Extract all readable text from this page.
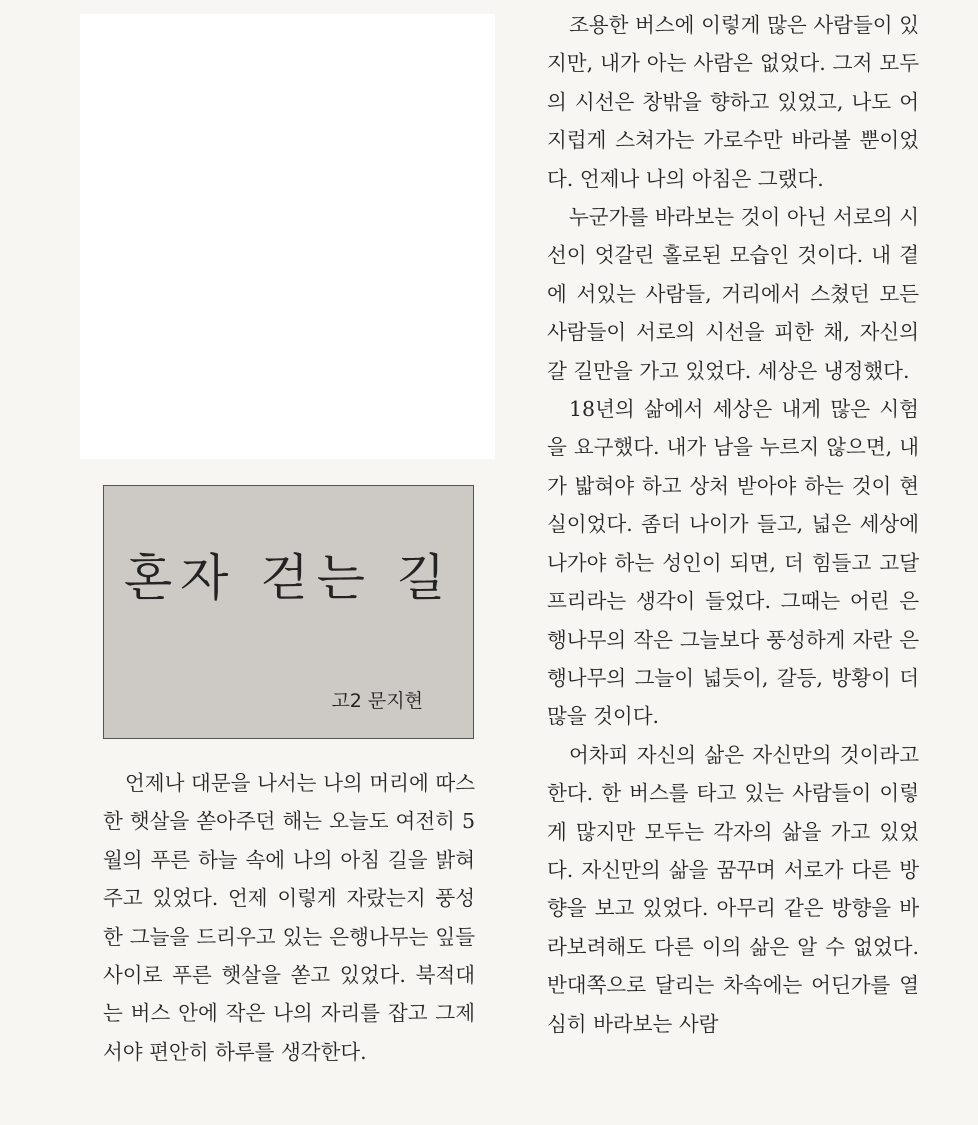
혼자 걷는 길
고2 문지현

언제나 대문을 나서는 나의 머리에 따스한 햇살을 쏟아주던 해는 오늘도 여전히 5월의 푸른 하늘 속에 나의 아침 길을 밝혀주고 있었다. 언제 이렇게 자랐는지 풍성한 그늘을 드리우고 있는 은행나무는 잎들 사이로 푸른 햇살을 쏟고 있었다. 북적대는 버스 안에 작은 나의 자리를 잡고 그제서야 편안히 하루를 생각한다.

조용한 버스에 이렇게 많은 사람들이 있지만, 내가 아는 사람은 없었다. 그저 모두의 시선은 창밖을 향하고 있었고, 나도 어지럽게 스쳐가는 가로수만 바라볼 뿐이었다. 언제나 나의 아침은 그랬다.

누군가를 바라보는 것이 아닌 서로의 시선이 엇갈린 홀로된 모습인 것이다. 내 곁에 서있는 사람들, 거리에서 스쳤던 모든 사람들이 서로의 시선을 피한 채, 자신의 갈 길만을 가고 있었다. 세상은 냉정했다.

18년의 삶에서 세상은 내게 많은 시험을 요구했다. 내가 남을 누르지 않으면, 내가 밟혀야 하고 상처 받아야 하는 것이 현실이었다. 좀더 나이가 들고, 넓은 세상에 나가야 하는 성인이 되면, 더 힘들고 고달프리라는 생각이 들었다. 그때는 어린 은행나무의 작은 그늘보다 풍성하게 자란 은행나무의 그늘이 넓듯이, 갈등, 방황이 더 많을 것이다.

어차피 자신의 삶은 자신만의 것이라고 한다. 한 버스를 타고 있는 사람들이 이렇게 많지만 모두는 각자의 삶을 가고 있었다. 자신만의 삶을 꿈꾸며 서로가 다른 방향을 보고 있었다. 아무리 같은 방향을 바라보려해도 다른 이의 삶은 알 수 없었다. 반대쪽으로 달리는 차속에는 어딘가를 열심히 바라보는 사람
